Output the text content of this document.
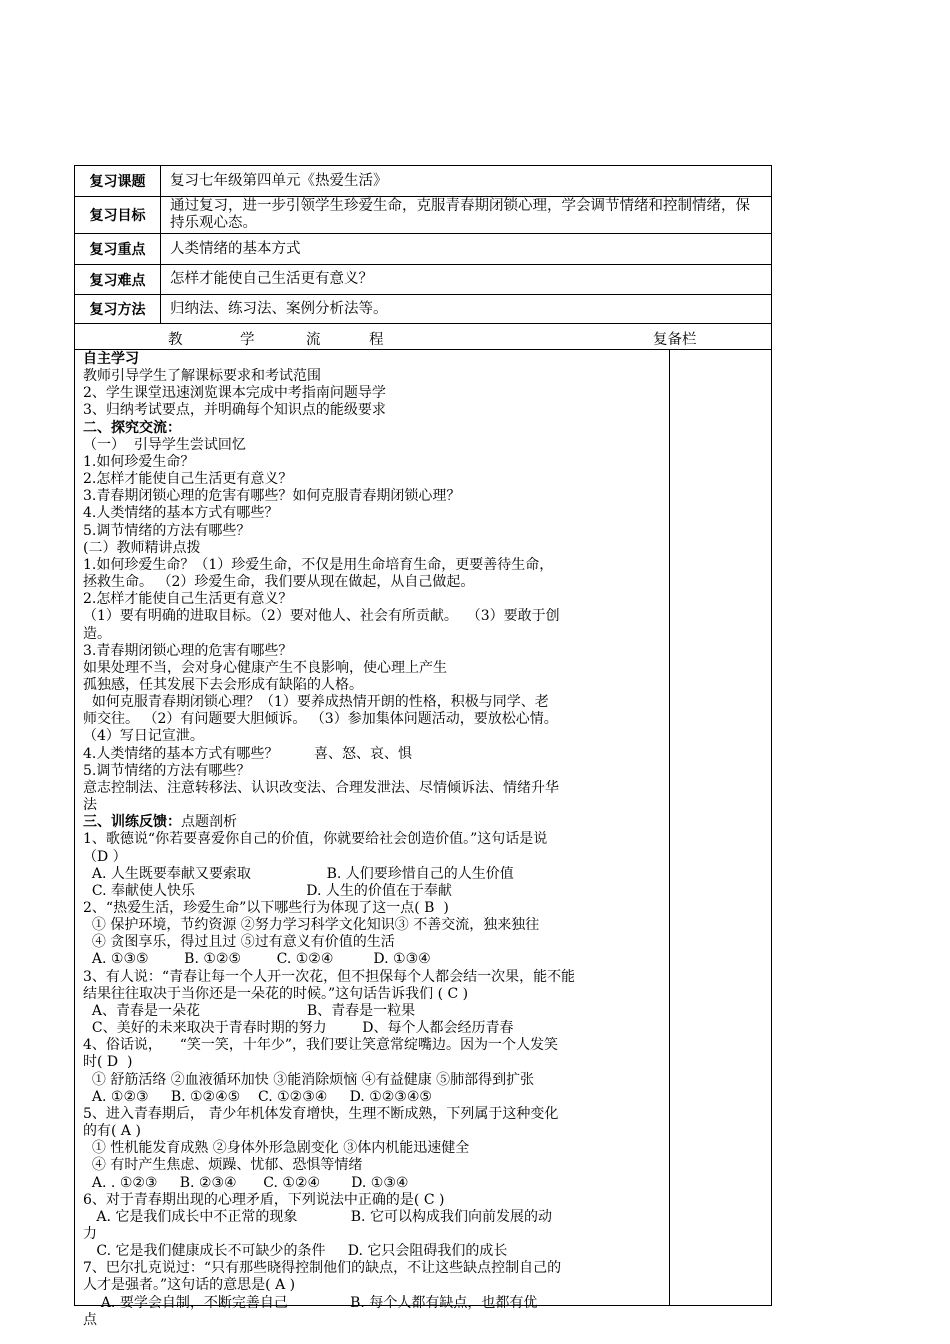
复习课题	复习七年级第四单元《热爱生活》
复习目标
通过复习，进一步引领学生珍爱生命，克服青春期闭锁心理，学会调节情绪和控制情绪，保持乐观心态。
复习重点	人类情绪的基本方式
复习难点	怎样才能使自己生活更有意义？
复习方法	归纳法、练习法、案例分析法等。
教	学	流	程	复备栏

自主学习

教师引导学生了解课标要求和考试范围

2、学生课堂迅速浏览课本完成中考指南问题导学

3、归纳考试要点，并明确每个知识点的能级要求

二、探究交流：

（一）  引导学生尝试回忆

1.如何珍爱生命？

2.怎样才能使自己生活更有意义？

3.青春期闭锁心理的危害有哪些？如何克服青春期闭锁心理？

4.人类情绪的基本方式有哪些？

5.调节情绪的方法有哪些？

(二）教师精讲点拨

1.如何珍爱生命？（1）珍爱生命，不仅是用生命培育生命，更要善待生命，

拯救生命。 （2）珍爱生命，我们要从现在做起，从自己做起。

2.怎样才能使自己生活更有意义？

（1）要有明确的进取目标。（2）要对他人、社会有所贡献。  （3）要敢于创

造。

3.青春期闭锁心理的危害有哪些？

如果处理不当，会对身心健康产生不良影响，使心理上产生

孤独感，任其发展下去会形成有缺陷的人格。

如何克服青春期闭锁心理？（1）要养成热情开朗的性格，积极与同学、老

师交往。 （2）有问题要大胆倾诉。 （3）参加集体问题活动，要放松心情。

（4）写日记宣泄。

4.人类情绪的基本方式有哪些？        喜、怒、哀、惧

5.调节情绪的方法有哪些？

意志控制法、注意转移法、认识改变法、合理发泄法、尽情倾诉法、情绪升华

法

三、训练反馈：点题剖析

1、歌德说“你若要喜爱你自己的价值，你就要给社会创造价值。”这句话是说

（D ）

A. 人生既要奉献又要索取                 B. 人们要珍惜自己的人生价值

C. 奉献使人快乐                         D. 人生的价值在于奉献

2、“热爱生活，珍爱生命”以下哪些行为体现了这一点( B  )

① 保护环境，节约资源 ②努力学习科学文化知识③ 不善交流，独来独往

④ 贪图享乐，得过且过 ⑤过有意义有价值的生活

A. ①③⑤        B. ①②⑤        C. ①②④         D. ①③④

3、有人说：“青春让每一个人开一次花，但不担保每个人都会结一次果，能不能

结果往往取决于当你还是一朵花的时候。”这句话告诉我们 ( C )

A、青春是一朵花                        B、青春是一粒果

C、美好的未来取决于青春时期的努力        D、每个人都会经历青春

4、俗话说，    “笑一笑，十年少”，我们要让笑意常绽嘴边。因为一个人发笑

时( D  )

① 舒筋活络 ②血液循环加快 ③能消除烦恼 ④有益健康 ⑤肺部得到扩张

A. ①②③     B. ①②④⑤    C. ①②③④     D. ①②③④⑤

5、进入青春期后， 青少年机体发育增快，生理不断成熟，下列属于这种变化

的有( A )

① 性机能发育成熟 ②身体外形急剧变化 ③体内机能迅速健全

④ 有时产生焦虑、烦躁、忧郁、恐惧等情绪

A. . ①②③     B. ②③④      C. ①②④       D. ①③④

6、对于青春期出现的心理矛盾，下列说法中正确的是( C )

A. 它是我们成长中不正常的现象            B. 它可以构成我们向前发展的动

力

C. 它是我们健康成长不可缺少的条件     D. 它只会阻碍我们的成长

7、巴尔扎克说过：“只有那些晓得控制他们的缺点，不让这些缺点控制自己的

人才是强者。”这句话的意思是( A )

A. 要学会自制，不断完善自己              B. 每个人都有缺点，也都有优

点
